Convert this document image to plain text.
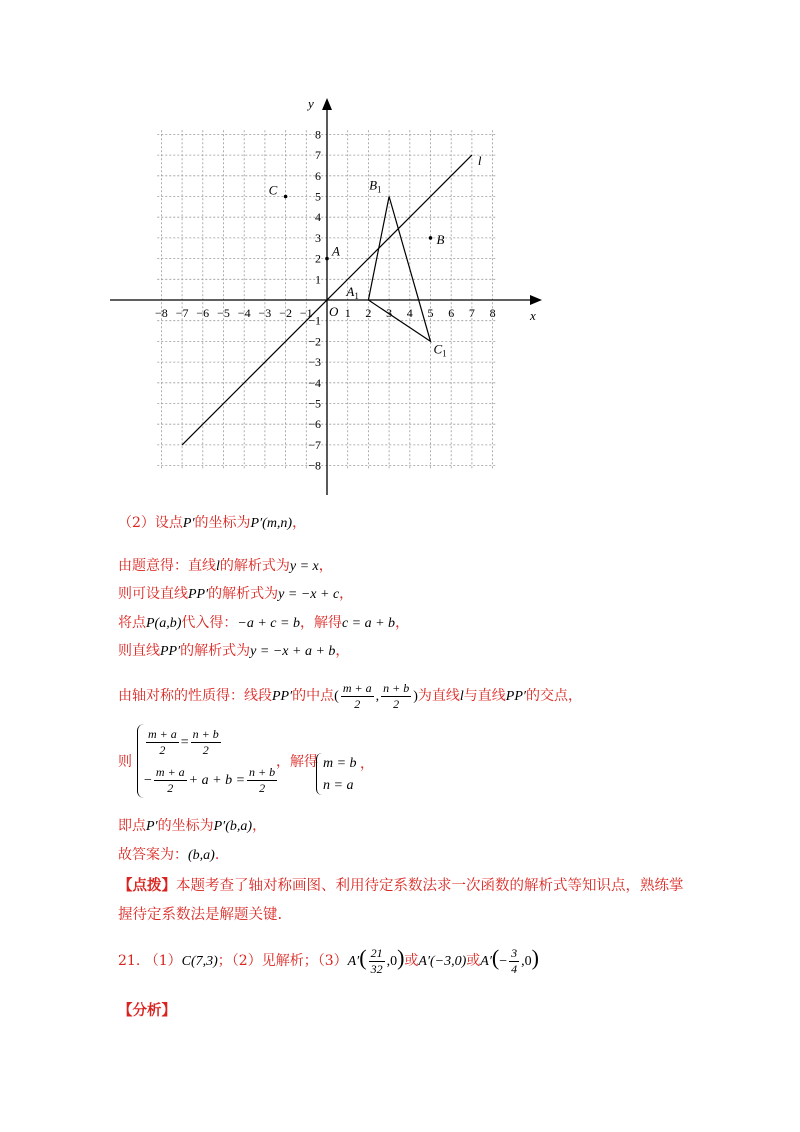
x
y
O
−8 −7 −6 −5 −4 −3 −2 −1	1 2 3 4 5 6 7 8
8
7
6
5
4
3
2
1
−1
−2
−3
−4
−5
−6
−7
−8
l
A
B
C
$A_1$
$B_1$
$C_1$
（2）设点P′的坐标为P′(m,n)，
由题意得：直线l的解析式为y = x，
则可设直线PP′的解析式为y = −x + c，
将点P(a,b)代入得：−a + c = b，解得c = a + b，
则直线PP′的解析式为y = −x + a + b，
由轴对称的性质得：线段PP′的中点( $\frac{m + a}{2}$ , $\frac{n + b}{2}$ )为直线l与直线PP′的交点，
则
$\frac{m + a}{2} = \frac{n + b}{2}$
− $\frac{m + a}{2} + a + b = \frac{n + b}{2}$
，解得 m = b
n = a
，
即点P′的坐标为P′(b,a)，
故答案为：(b,a).
【点拨】本题考查了轴对称画图、利用待定系数法求一次函数的解析式等知识点，熟练掌
握待定系数法是解题关键.
21. （1）C(7,3)；（2）见解析；$(3)A'( \frac{21}{32} ,0)$或A′(−3,0)或$A'(- \frac{3}{4} ,0)$
【分析】
